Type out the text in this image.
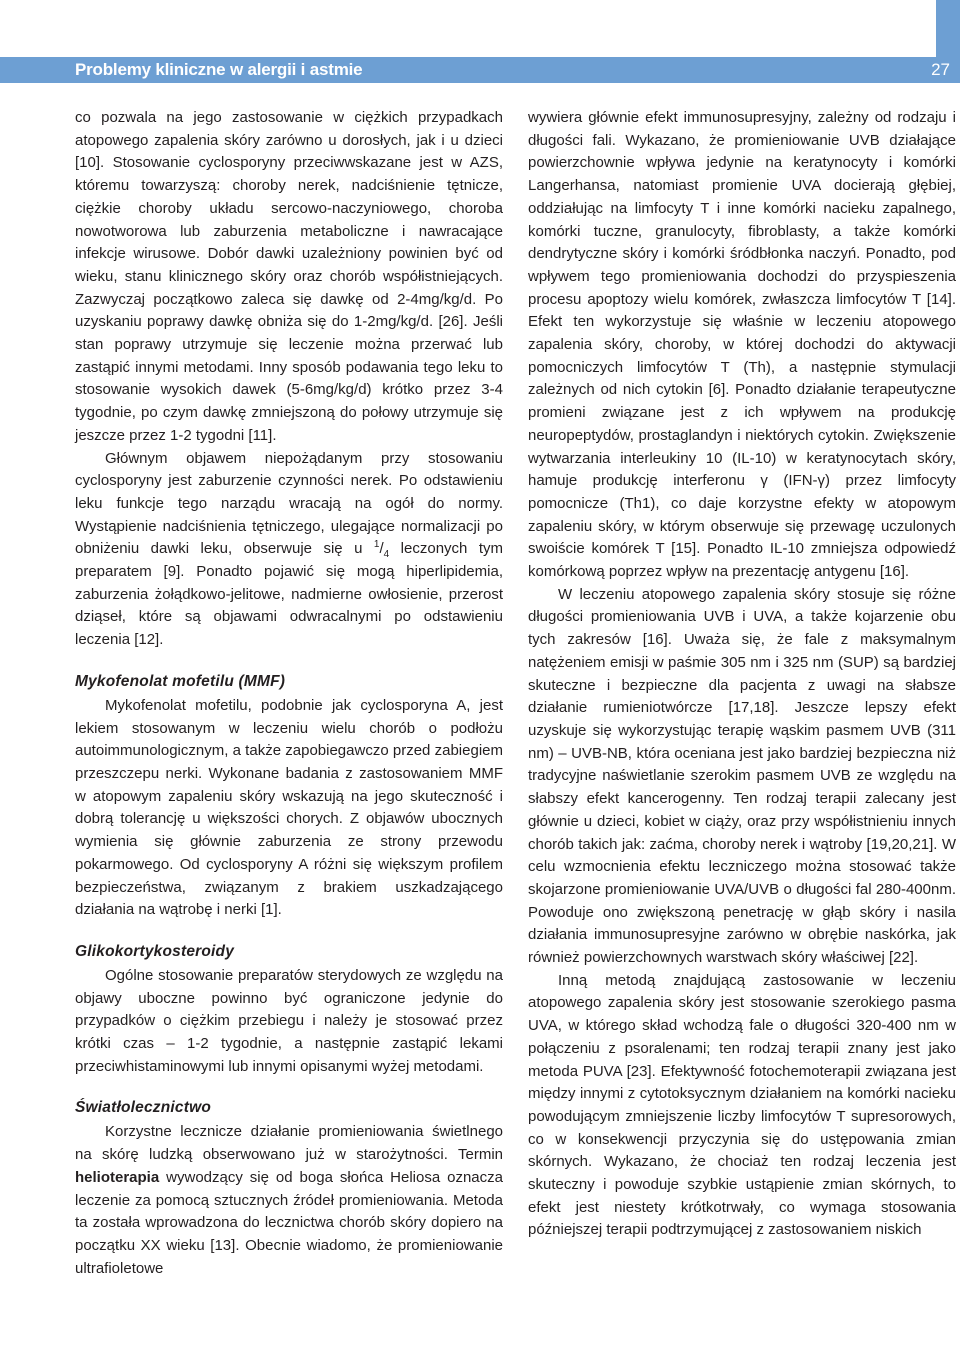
Problemy kliniczne w alergii i astmie	27

co pozwala na jego zastosowanie w ciężkich przypadkach atopowego zapalenia skóry zarówno u dorosłych, jak i u dzieci [10]. Stosowanie cyclosporyny przeciwwskazane jest w AZS, któremu towarzyszą: choroby nerek, nadciśnienie tętnicze, ciężkie choroby układu sercowo-naczyniowego, choroba nowotworowa lub zaburzenia metaboliczne i nawracające infekcje wirusowe. Dobór dawki uzależniony powinien być od wieku, stanu klinicznego skóry oraz chorób współistniejących. Zazwyczaj początkowo zaleca się dawkę od 2-4mg/kg/d. Po uzyskaniu poprawy dawkę obniża się do 1-2mg/kg/d. [26]. Jeśli stan poprawy utrzymuje się leczenie można przerwać lub zastąpić innymi metodami. Inny sposób podawania tego leku to stosowanie wysokich dawek (5-6mg/kg/d) krótko przez 3-4 tygodnie, po czym dawkę zmniejszoną do połowy utrzymuje się jeszcze przez 1-2 tygodni [11].

Głównym objawem niepożądanym przy stosowaniu cyclosporyny jest zaburzenie czynności nerek. Po odstawieniu leku funkcje tego narządu wracają na ogół do normy. Wystąpienie nadciśnienia tętniczego, ulegające normalizacji po obniżeniu dawki leku, obserwuje się u $^1/_4$ leczonych tym preparatem [9]. Ponadto pojawić się mogą hiperlipidemia, zaburzenia żołądkowo-jelitowe, nadmierne owłosienie, przerost dziąseł, które są objawami odwracalnymi po odstawieniu leczenia [12].

Mykofenolat mofetilu (MMF)

Mykofenolat mofetilu, podobnie jak cyclosporyna A, jest lekiem stosowanym w leczeniu wielu chorób o podłożu autoimmunologicznym, a także zapobiegawczo przed zabiegiem przeszczepu nerki. Wykonane badania z zastosowaniem MMF w atopowym zapaleniu skóry wskazują na jego skuteczność i dobrą tolerancję u większości chorych. Z objawów ubocznych wymienia się głównie zaburzenia ze strony przewodu pokarmowego. Od cyclosporyny A różni się większym profilem bezpieczeństwa, związanym z brakiem uszkadzającego działania na wątrobę i nerki [1].

Glikokortykosteroidy

Ogólne stosowanie preparatów sterydowych ze względu na objawy uboczne powinno być ograniczone jedynie do przypadków o ciężkim przebiegu i należy je stosować przez krótki czas – 1-2 tygodnie, a następnie zastąpić lekami przeciwhistaminowymi lub innymi opisanymi wyżej metodami.

Światłolecznictwo

Korzystne lecznicze działanie promieniowania świetlnego na skórę ludzką obserwowano już w starożytności. Termin helioterapia wywodzący się od boga słońca Heliosa oznacza leczenie za pomocą sztucznych źródeł promieniowania. Metoda ta została wprowadzona do lecznictwa chorób skóry dopiero na początku XX wieku [13]. Obecnie wiadomo, że promieniowanie ultrafioletowe

wywiera głównie efekt immunosupresyjny, zależny od rodzaju i długości fali. Wykazano, że promieniowanie UVB działające powierzchownie wpływa jedynie na keratynocyty i komórki Langerhansa, natomiast promienie UVA docierają głębiej, oddziałując na limfocyty T i inne komórki nacieku zapalnego, komórki tuczne, granulocyty, fibroblasty, a także komórki dendrytyczne skóry i komórki śródbłonka naczyń. Ponadto, pod wpływem tego promieniowania dochodzi do przyspieszenia procesu apoptozy wielu komórek, zwłaszcza limfocytów T [14]. Efekt ten wykorzystuje się właśnie w leczeniu atopowego zapalenia skóry, choroby, w której dochodzi do aktywacji pomocniczych limfocytów T (Th), a następnie stymulacji zależnych od nich cytokin [6]. Ponadto działanie terapeutyczne promieni związane jest z ich wpływem na produkcję neuropeptydów, prostaglandyn i niektórych cytokin. Zwiększenie wytwarzania interleukiny 10 (IL-10) w keratynocytach skóry, hamuje produkcję interferonu γ (IFN-γ) przez limfocyty pomocnicze (Th1), co daje korzystne efekty w atopowym zapaleniu skóry, w którym obserwuje się przewagę uczulonych swoiście komórek T [15]. Ponadto IL-10 zmniejsza odpowiedź komórkową poprzez wpływ na prezentację antygenu [16].

W leczeniu atopowego zapalenia skóry stosuje się różne długości promieniowania UVB i UVA, a także kojarzenie obu tych zakresów [16]. Uważa się, że fale z maksymalnym natężeniem emisji w paśmie 305 nm i 325 nm (SUP) są bardziej skuteczne i bezpieczne dla pacjenta z uwagi na słabsze działanie rumieniotwórcze [17,18]. Jeszcze lepszy efekt uzyskuje się wykorzystując terapię wąskim pasmem UVB (311 nm) – UVB-NB, która oceniana jest jako bardziej bezpieczna niż tradycyjne naświetlanie szerokim pasmem UVB ze względu na słabszy efekt kancerogenny. Ten rodzaj terapii zalecany jest głównie u dzieci, kobiet w ciąży, oraz przy współistnieniu innych chorób takich jak: zaćma, choroby nerek i wątroby [19,20,21]. W celu wzmocnienia efektu leczniczego można stosować także skojarzone promieniowanie UVA/UVB o długości fal 280-400nm. Powoduje ono zwiększoną penetrację w głąb skóry i nasila działania immunosupresyjne zarówno w obrębie naskórka, jak również powierzchownych warstwach skóry właściwej [22].

Inną metodą znajdującą zastosowanie w leczeniu atopowego zapalenia skóry jest stosowanie szerokiego pasma UVA, w którego skład wchodzą fale o długości 320-400 nm w połączeniu z psoralenami; ten rodzaj terapii znany jest jako metoda PUVA [23]. Efektywność fotochemoterapii związana jest między innymi z cytotoksycznym działaniem na komórki nacieku powodującym zmniejszenie liczby limfocytów T supresorowych, co w konsekwencji przyczynia się do ustępowania zmian skórnych. Wykazano, że chociaż ten rodzaj leczenia jest skuteczny i powoduje szybkie ustąpienie zmian skórnych, to efekt jest niestety krótkotrwały, co wymaga stosowania późniejszej terapii podtrzymującej z zastosowaniem niskich
